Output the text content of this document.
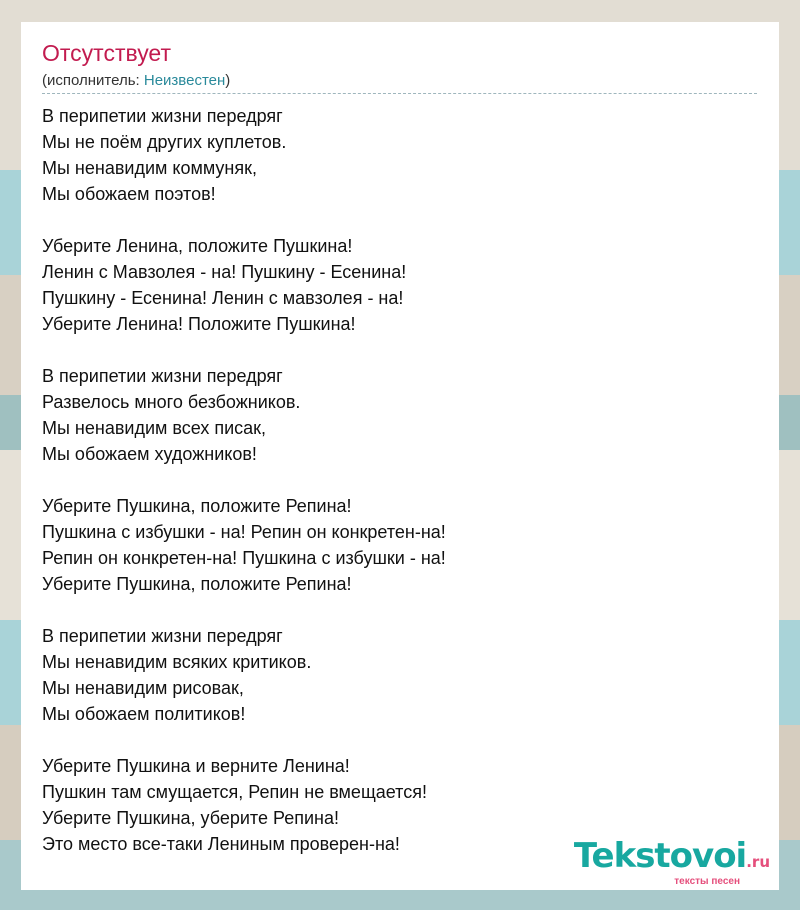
Отсутствует
(исполнитель: Неизвестен)
В перипетии жизни передряг
Мы не поём других куплетов.
Мы ненавидим коммуняк,
Мы обожаем поэтов!
Уберите Ленина, положите Пушкина!
Ленин с Мавзолея - на! Пушкину - Есенина!
Пушкину - Есенина! Ленин с мавзолея - на!
Уберите Ленина! Положите Пушкина!
В перипетии жизни передряг
Развелось много безбожников.
Мы ненавидим всех писак,
Мы обожаем художников!
Уберите Пушкина, положите Репина!
Пушкина с избушки - на! Репин он конкретен-на!
Репин он конкретен-на! Пушкина с избушки - на!
Уберите Пушкина, положите Репина!
В перипетии жизни передряг
Мы ненавидим всяких критиков.
Мы ненавидим рисовак,
Мы обожаем политиков!
Уберите Пушкина и верните Ленина!
Пушкин там смущается, Репин не вмещается!
Уберите Пушкина, уберите Репина!
Это место все-таки Лениным проверен-на!	Tekstovoi.ru
тексты песен
